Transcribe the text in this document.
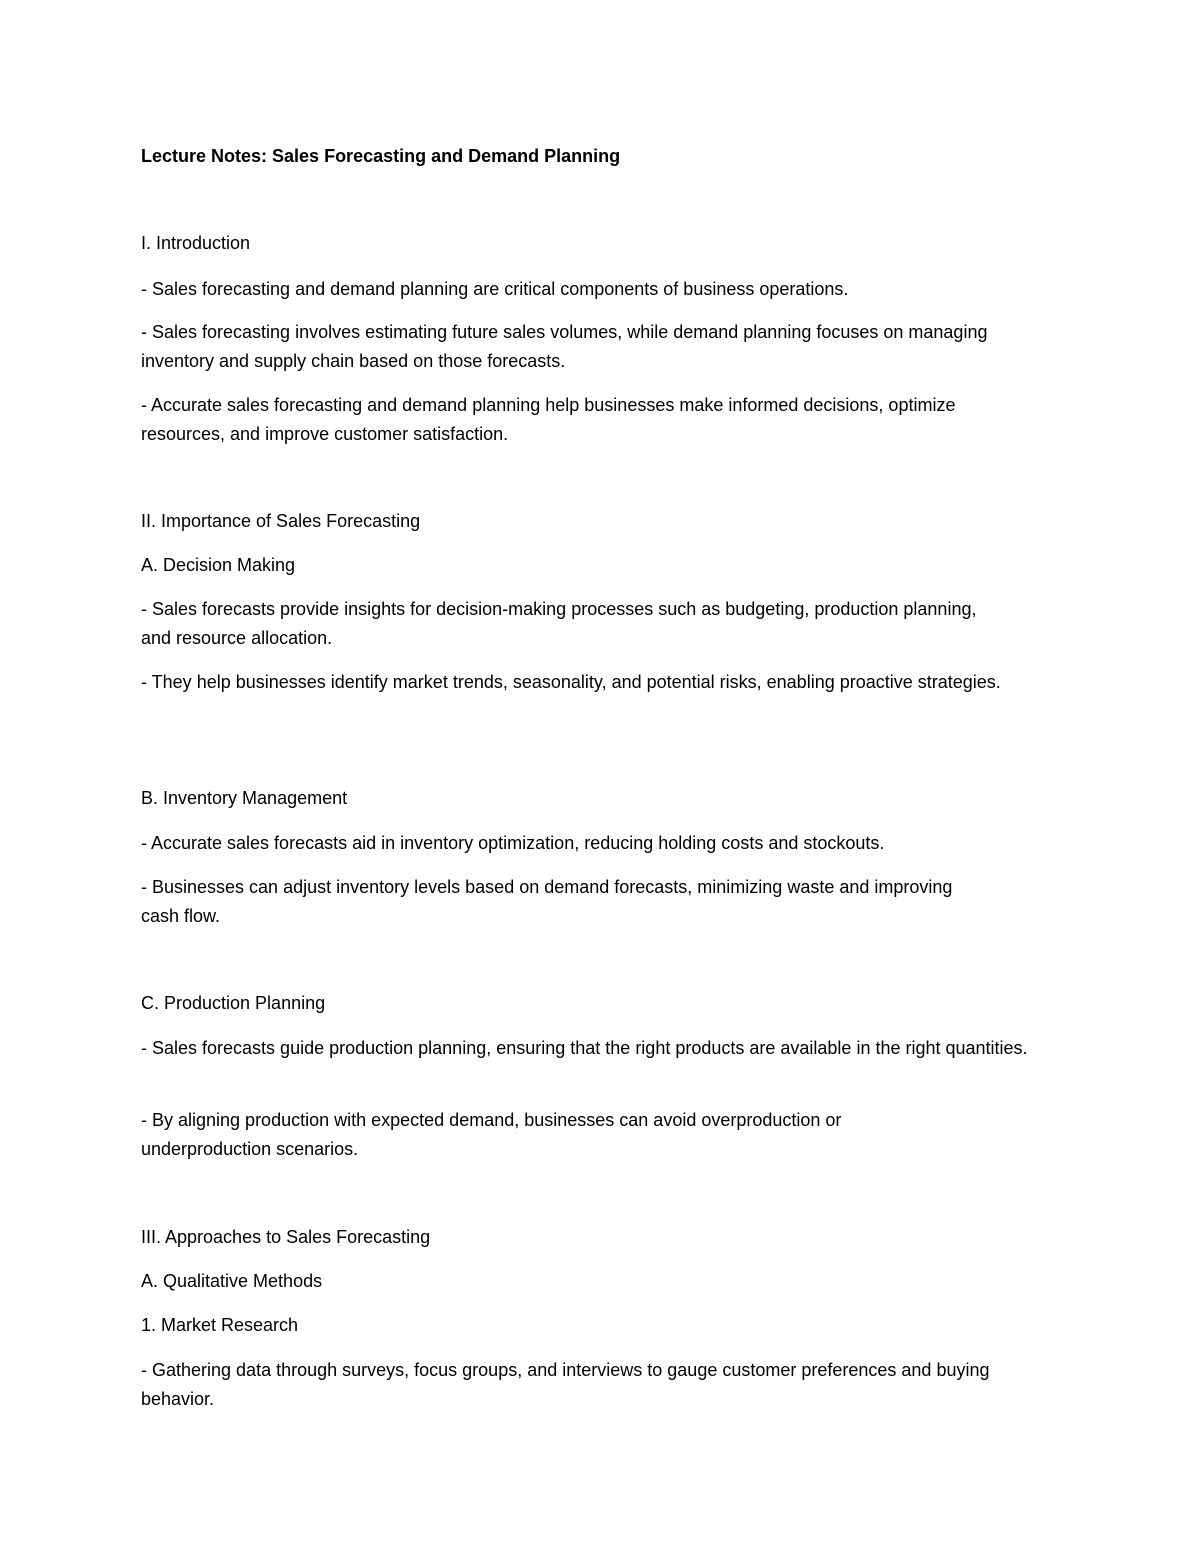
Lecture Notes: Sales Forecasting and Demand Planning

I. Introduction

- Sales forecasting and demand planning are critical components of business operations.

- Sales forecasting involves estimating future sales volumes, while demand planning focuses on managing
inventory and supply chain based on those forecasts.

- Accurate sales forecasting and demand planning help businesses make informed decisions, optimize
resources, and improve customer satisfaction.

II. Importance of Sales Forecasting

A. Decision Making

- Sales forecasts provide insights for decision-making processes such as budgeting, production planning,
and resource allocation.

- They help businesses identify market trends, seasonality, and potential risks, enabling proactive strategies.

B. Inventory Management

- Accurate sales forecasts aid in inventory optimization, reducing holding costs and stockouts.

- Businesses can adjust inventory levels based on demand forecasts, minimizing waste and improving
cash flow.

C. Production Planning

- Sales forecasts guide production planning, ensuring that the right products are available in the right quantities.

- By aligning production with expected demand, businesses can avoid overproduction or
underproduction scenarios.

III. Approaches to Sales Forecasting

A. Qualitative Methods

1. Market Research

- Gathering data through surveys, focus groups, and interviews to gauge customer preferences and buying
behavior.
